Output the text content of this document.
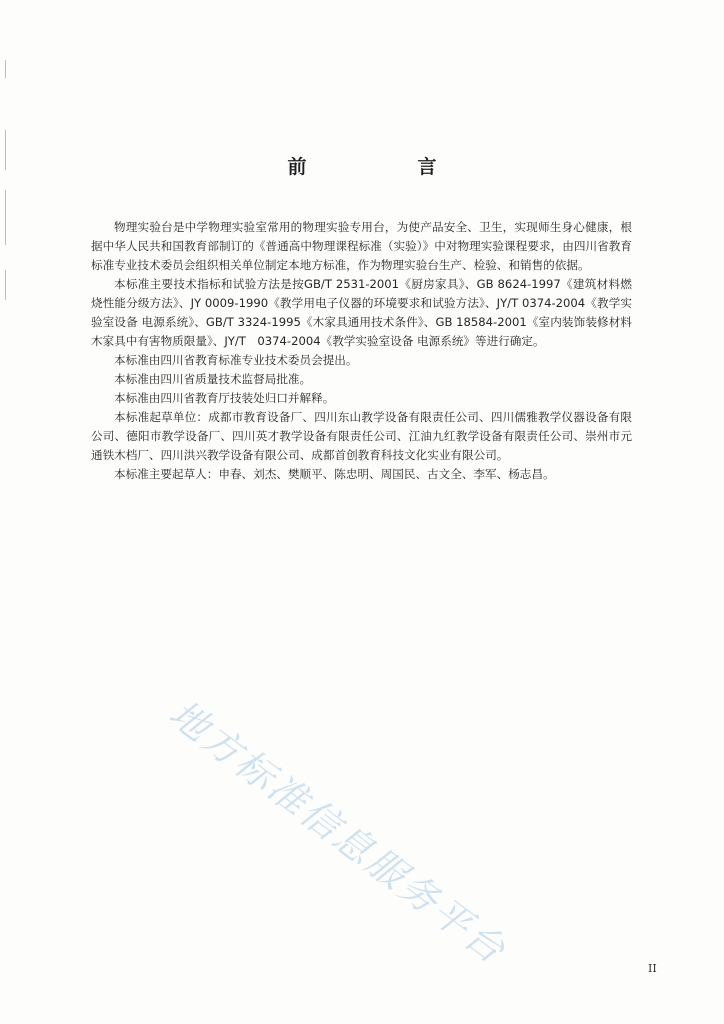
前　言

物理实验台是中学物理实验室常用的物理实验专用台，为使产品安全、卫生，实现师生身心健康，根据中华人民共和国教育部制订的《普通高中物理课程标准（实验）》中对物理实验课程要求，由四川省教育标准专业技术委员会组织相关单位制定本地方标准，作为物理实验台生产、检验、和销售的依据。

本标准主要技术指标和试验方法是按GB/T 2531-2001《厨房家具》、GB 8624-1997《建筑材料燃烧性能分级方法》、JY 0009-1990《教学用电子仪器的环境要求和试验方法》、JY/T 0374-2004《教学实验室设备 电源系统》、GB/T 3324-1995《木家具通用技术条件》、GB 18584-2001《室内装饰装修材料木家具中有害物质限量》、JY/T　0374-2004《教学实验室设备 电源系统》等进行确定。

本标准由四川省教育标准专业技术委员会提出。

本标准由四川省质量技术监督局批准。

本标准由四川省教育厅技装处归口并解释。

本标准起草单位：成都市教育设备厂、四川东山教学设备有限责任公司、四川儒雅教学仪器设备有限公司、德阳市教学设备厂、四川英才教学设备有限责任公司、江油九红教学设备有限责任公司、崇州市元通铁木档厂、四川洪兴教学设备有限公司、成都首创教育科技文化实业有限公司。

本标准主要起草人：申春、刘杰、樊顺平、陈忠明、周国民、古文全、李军、杨志昌。

地方标准信息服务平台	II
